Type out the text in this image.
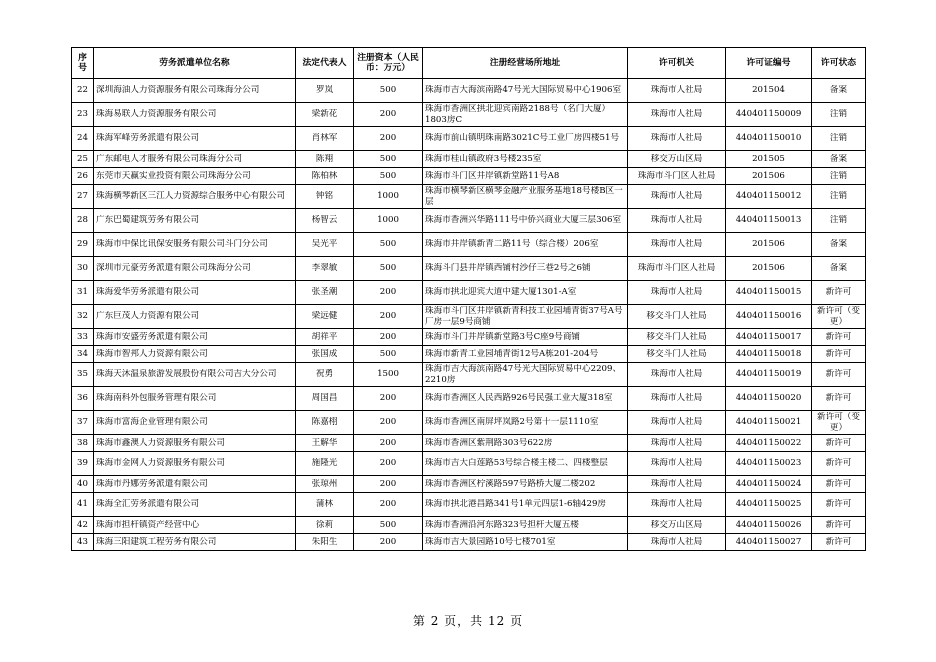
序号	劳务派遣单位名称	法定代表人	注册资本（人民币：万元）	注册经营场所地址	许可机关	许可证编号	许可状态

22	深圳海油人力资源服务有限公司珠海分公司	罗岚	500	珠海市吉大海滨南路47号光大国际贸易中心1906室	珠海市人社局	201504	备案

23	珠海易联人力资源服务有限公司	梁新花	200	珠海市香洲区拱北迎宾南路2188号（名门大厦）1803房C	珠海市人社局	440401150009	注销

24	珠海军峰劳务派遣有限公司	肖林军	200	珠海市前山镇明珠南路3021C号工业厂房四楼51号	珠海市人社局	440401150010	注销

25	广东邮电人才服务有限公司珠海分公司	陈翔	500	珠海市桂山镇政府3号楼235室	移交万山区局	201505	备案

26	东莞市天赢实业投资有限公司珠海分公司	陈柏林	500	珠海市斗门区井岸镇新堂路11号A8	珠海市斗门区人社局	201506	注销

27	珠海横琴新区三江人力资源综合服务中心有限公司	钟铭	1000	珠海市横琴新区横琴金融产业服务基地18号楼B区一层	珠海市人社局	440401150012	注销

28	广东巴蜀建筑劳务有限公司	杨智云	1000	珠海市香洲兴华路111号中侨兴商业大厦三层306室	珠海市人社局	440401150013	注销

29	珠海市中保比讯保安服务有限公司斗门分公司	吴光平	500	珠海市井岸镇新青二路11号（综合楼）206室	珠海市人社局	201506	备案

30	深圳市元豪劳务派遣有限公司珠海分公司	李翠敏	500	珠海斗门县井岸镇西铺村沙仔三巷2号之6铺	珠海市斗门区人社局	201506	备案

31	珠海爱华劳务派遣有限公司	张圣潮	200	珠海市拱北迎宾大道中建大厦1301-A室	珠海市人社局	440401150015	新许可

32	广东巨茂人力资源有限公司	梁远健	200	珠海市斗门区井岸镇新青科技工业园埔青街37号A号厂房一层9号商铺	移交斗门人社局	440401150016	新许可（变更）

33	珠海市安盛劳务派遣有限公司	胡祥平	200	珠海市斗门井岸镇新堂路3号C座9号商铺	移交斗门人社局	440401150017	新许可

34	珠海市智邦人力资源有限公司	张国成	500	珠海市新青工业园埔青街12号A栋201-204号	移交斗门人社局	440401150018	新许可

35	珠海天沐温泉旅游发展股份有限公司吉大分公司	祝勇	1500	珠海市吉大海滨南路47号光大国际贸易中心2209、2210房	珠海市人社局	440401150019	新许可

36	珠海南科外包服务管理有限公司	周国昌	200	珠海市香洲区人民西路926号民强工业大厦318室	珠海市人社局	440401150020	新许可

37	珠海市富海企业管理有限公司	陈嘉栩	200	珠海市香洲区南屏坪岚路2号第十一层1110室	珠海市人社局	440401150021	新许可（变更）

38	珠海市鑫澳人力资源服务有限公司	王解华	200	珠海市香洲区紫荆路303号622房	珠海市人社局	440401150022	新许可

39	珠海市金网人力资源服务有限公司	施隆光	200	珠海市吉大白莲路53号综合楼主楼二、四楼整层	珠海市人社局	440401150023	新许可

40	珠海市丹娜劳务派遣有限公司	张琼州	200	珠海市香洲区柠溪路597号路桥大厦二楼202	珠海市人社局	440401150024	新许可

41	珠海全汇劳务派遣有限公司	蒲林	200	珠海市拱北港昌路341号1单元四层1-6轴429房	珠海市人社局	440401150025	新许可

42	珠海市担杆镇资产经营中心	徐莉	500	珠海市香洲沿河东路323号担杆大厦五楼	移交万山区局	440401150026	新许可

43	珠海三阳建筑工程劳务有限公司	朱阳生	200	珠海市吉大景园路10号七楼701室	珠海市人社局	440401150027	新许可
第 2 页，共 12 页
